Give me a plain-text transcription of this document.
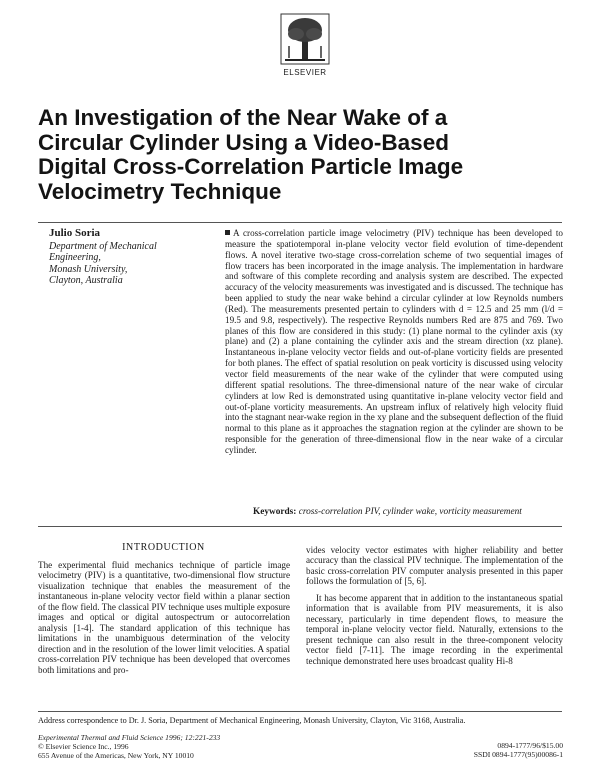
ELSEVIER
An Investigation of the Near Wake of a Circular Cylinder Using a Video-Based Digital Cross-Correlation Particle Image Velocimetry Technique
Julio Soria
Department of Mechanical Engineering,
Monash University,
Clayton, Australia

A cross-correlation particle image velocimetry (PIV) technique has been developed to measure the spatiotemporal in-plane velocity vector field evolution of time-dependent flows. A novel iterative two-stage cross-correlation scheme of two sequential images of flow tracers has been incorporated in the image analysis. The implementation in hardware and software of this complete recording and analysis system are described. The expected accuracy of the velocity measurements was investigated and is discussed. The technique has been applied to study the near wake behind a circular cylinder at low Reynolds numbers (Red). The measurements presented pertain to cylinders with d = 12.5 and 25 mm (l/d = 19.5 and 9.8, respectively). The respective Reynolds numbers Red are 875 and 769. Two planes of this flow are considered in this study: (1) plane normal to the cylinder axis (xy plane) and (2) a plane containing the cylinder axis and the stream direction (xz plane). Instantaneous in-plane velocity vector fields and out-of-plane vorticity fields are presented for both planes. The effect of spatial resolution on peak vorticity is discussed using velocity vector field measurements of the near wake of the cylinder that were computed using different spatial resolutions. The three-dimensional nature of the near wake of circular cylinders at low Red is demonstrated using quantitative in-plane velocity vector field and out-of-plane vorticity measurements. An upstream influx of relatively high velocity fluid into the stagnant near-wake region in the xy plane and the subsequent deflection of the fluid normal to this plane as it approaches the stagnation region at the cylinder are shown to be responsible for the generation of three-dimensional flow in the near wake of a circular cylinder.

Keywords: cross-correlation PIV, cylinder wake, vorticity measurement
INTRODUCTION

The experimental fluid mechanics technique of particle image velocimetry (PIV) is a quantitative, two-dimensional flow structure visualization technique that enables the measurement of the instantaneous in-plane velocity vector field within a planar section of the flow field. The classical PIV technique uses multiple exposure images and optical or digital autospectrum or autocorrelation analysis [1-4]. The standard application of this technique has limitations in the unambiguous determination of the velocity direction and in the resolution of the lower limit velocities. A spatial cross-correlation PIV technique has been developed that overcomes both limitations and pro-

vides velocity vector estimates with higher reliability and better accuracy than the classical PIV technique. The implementation of the basic cross-correlation PIV computer analysis presented in this paper follows the formulation of [5, 6].

It has become apparent that in addition to the instantaneous spatial information that is available from PIV measurements, it is also necessary, particularly in time dependent flows, to measure the temporal in-plane velocity vector field. Naturally, extensions to the present technique can also result in the three-component velocity vector field [7-11]. The image recording in the experimental technique demonstrated here uses broadcast quality Hi-8

Address correspondence to Dr. J. Soria, Department of Mechanical Engineering, Monash University, Clayton, Vic 3168, Australia.
Experimental Thermal and Fluid Science 1996; 12:221-233
© Elsevier Science Inc., 1996
655 Avenue of the Americas, New York, NY 10010
0894-1777/96/$15.00
SSDI 0894-1777(95)00086-1
